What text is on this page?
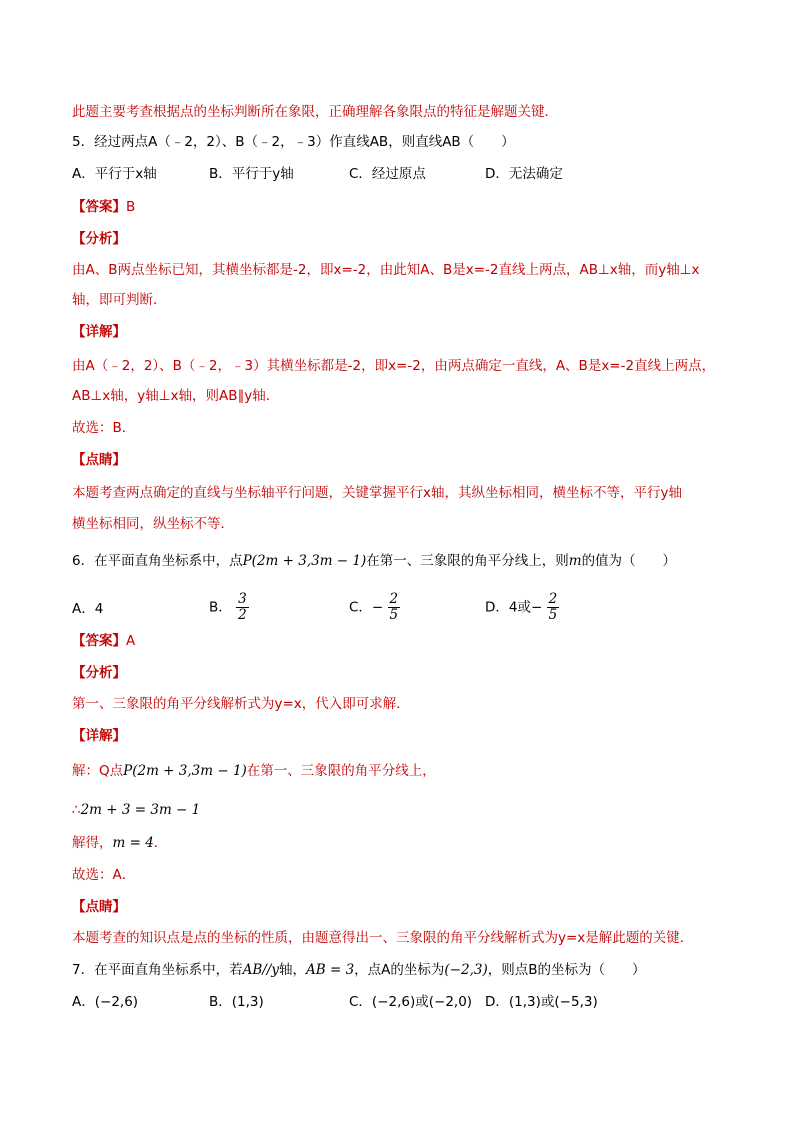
此题主要考查根据点的坐标判断所在象限，正确理解各象限点的特征是解题关键．
5．经过两点A（﹣2，2）、B（﹣2，﹣3）作直线AB，则直线AB（　　）
A．平行于x轴	B．平行于y轴	C．经过原点	D．无法确定
【答案】B
【分析】
由A、B两点坐标已知，其横坐标都是-2，即x=-2，由此知A、B是x=-2直线上两点，AB⊥x轴，而y轴⊥x
轴，即可判断．
【详解】
由A（﹣2，2）、B（﹣2，﹣3）其横坐标都是-2，即x=-2，由两点确定一直线，A、B是x=-2直线上两点，
AB⊥x轴，y轴⊥x轴，则AB∥y轴．
故选：B．
【点睛】
本题考查两点确定的直线与坐标轴平行问题，关键掌握平行x轴，其纵坐标相同，横坐标不等，平行y轴
横坐标相同，纵坐标不等．
6．在平面直角坐标系中，点P(2m + 3,3m − 1)在第一、三象限的角平分线上，则m的值为（　　）
A．4	B． $\frac{3}{2}$	C．− $\frac{2}{5}$	D．4或− $\frac{2}{5}$
【答案】A
【分析】
第一、三象限的角平分线解析式为y=x，代入即可求解．
【详解】
解：Q点P(2m + 3,3m − 1)在第一、三象限的角平分线上，
∴2m + 3 = 3m − 1
解得，m = 4．
故选：A．
【点睛】
本题考查的知识点是点的坐标的性质，由题意得出一、三象限的角平分线解析式为y=x是解此题的关键．
7．在平面直角坐标系中，若AB//y轴，AB = 3，点A的坐标为(−2,3)，则点B的坐标为（　　）
A．(−2,6)	B．(1,3)	C．(−2,6)或(−2,0) D．(1,3)或(−5,3)
